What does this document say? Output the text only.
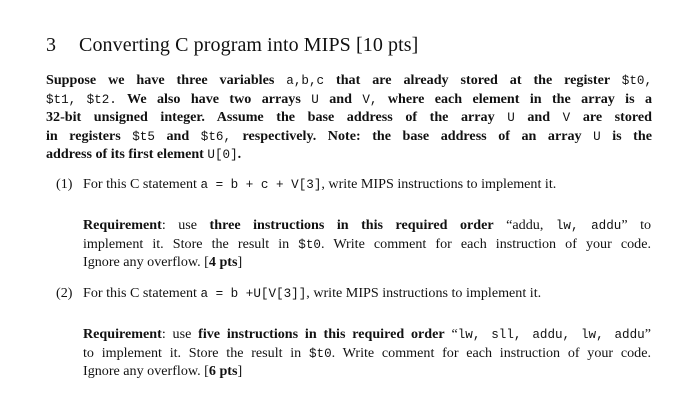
3 Converting C program into MIPS [10 pts]
Suppose we have three variables a,b,c that are already stored at the register $t0,
$t1, $t2. We also have two arrays U and V, where each element in the array is a
32-bit unsigned integer. Assume the base address of the array U and V are stored
in registers $t5 and $t6, respectively. Note: the base address of an array U is the
address of its first element U[0].
(1) For this C statement a = b + c + V[3], write MIPS instructions to implement it.
Requirement: use three instructions in this required order “addu, lw, addu” to
implement it. Store the result in $t0. Write comment for each instruction of your code.
Ignore any overflow. [4 pts]
(2) For this C statement a = b +U[V[3]], write MIPS instructions to implement it.
Requirement: use five instructions in this required order “lw, sll, addu, lw, addu”
to implement it. Store the result in $t0. Write comment for each instruction of your code.
Ignore any overflow. [6 pts]
